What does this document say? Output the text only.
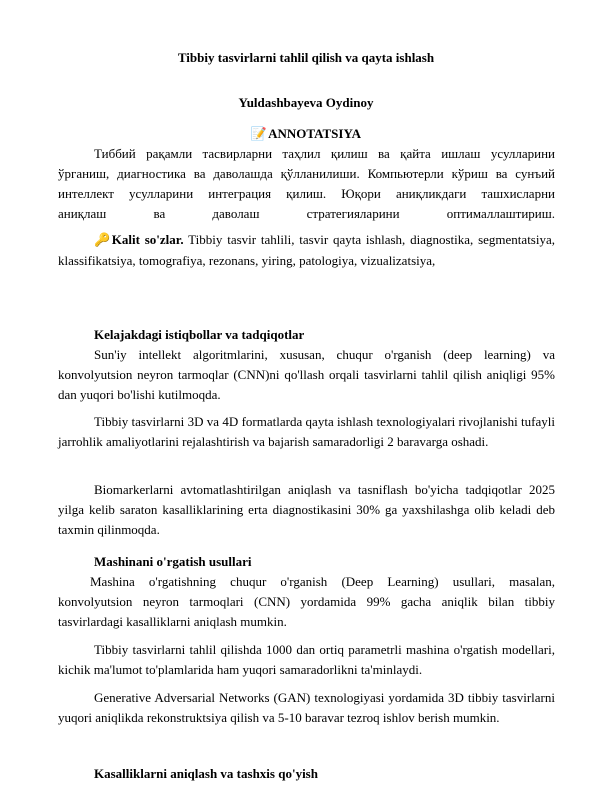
Tibbiy tasvirlarni tahlil qilish va qayta ishlash
Yuldashbayeva Oydinoy
📝ANNOTATSIYA
Тиббий рақамли тасвирларни таҳлил қилиш ва қайта ишлаш усулларини
ўрганиш, диагностика ва даволашда қўлланилиши. Компьютерли кўриш ва сунъий
интеллект усулларини интеграция қилиш. Юқори аниқликдаги ташхисларни
аниқлаш ва даволаш стратегияларини оптималлаштириш.
🔑Kalit so'zlar. Tibbiy tasvir tahlili, tasvir qayta ishlash, diagnostika, segmentatsiya, klassifikatsiya, tomografiya, rezonans, yiring, patologiya, vizualizatsiya,
Kelajakdagi istiqbollar va tadqiqotlar
Sun'iy intellekt algoritmlarini, xususan, chuqur o'rganish (deep learning) va konvolyutsion neyron tarmoqlar (CNN)ni qo'llash orqali tasvirlarni tahlil qilish aniqligi 95% dan yuqori bo'lishi kutilmoqda.
Tibbiy tasvirlarni 3D va 4D formatlarda qayta ishlash texnologiyalari rivojlanishi tufayli jarrohlik amaliyotlarini rejalashtirish va bajarish samaradorligi 2 baravarga oshadi.
Biomarkerlarni avtomatlashtirilgan aniqlash va tasniflash bo'yicha tadqiqotlar 2025 yilga kelib saraton kasalliklarining erta diagnostikasini 30% ga yaxshilashga olib keladi deb taxmin qilinmoqda.
Mashinani o'rgatish usullari
Mashina o'rgatishning chuqur o'rganish (Deep Learning) usullari, masalan, konvolyutsion neyron tarmoqlari (CNN) yordamida 99% gacha aniqlik bilan tibbiy tasvirlardagi kasalliklarni aniqlash mumkin.
Tibbiy tasvirlarni tahlil qilishda 1000 dan ortiq parametrli mashina o'rgatish modellari, kichik ma'lumot to'plamlarida ham yuqori samaradorlikni ta'minlaydi.
Generative Adversarial Networks (GAN) texnologiyasi yordamida 3D tibbiy tasvirlarni yuqori aniqlikda rekonstruktsiya qilish va 5-10 baravar tezroq ishlov berish mumkin.
Kasalliklarni aniqlash va tashxis qo'yish
